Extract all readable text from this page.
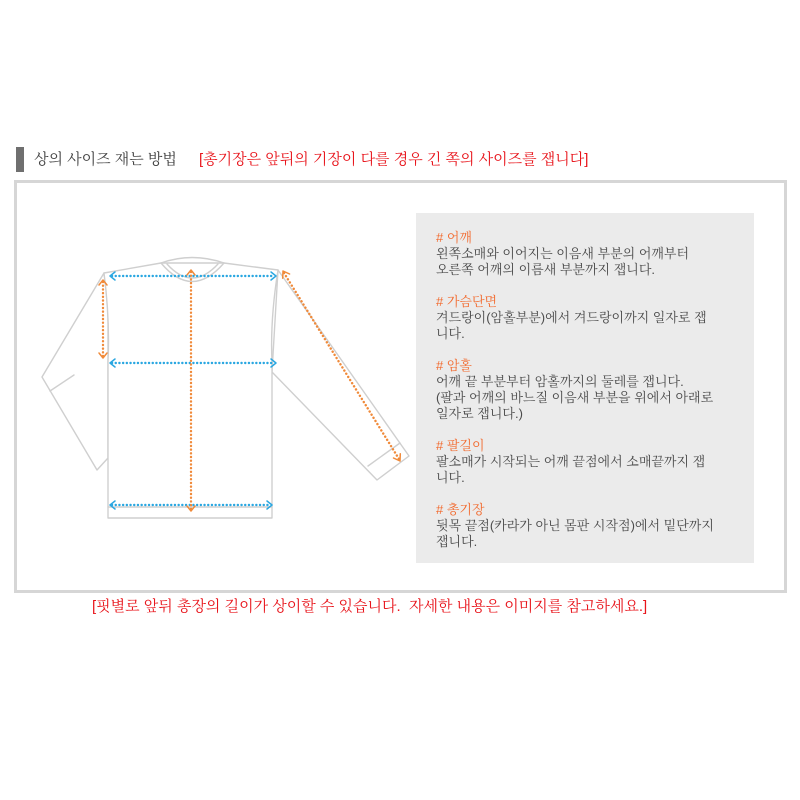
상의 사이즈 재는 방법 [총기장은 앞뒤의 기장이 다를 경우 긴 쪽의 사이즈를 잽니다]
# 어깨
왼쪽소매와 이어지는 이음새 부분의 어깨부터
오른쪽 어깨의 이름새 부분까지 잽니다.
# 가슴단면
겨드랑이(암홀부분)에서 겨드랑이까지 일자로 잽
니다.
# 암홀
어깨 끝 부분부터 암홀까지의 둘레를 잽니다.
(팔과 어깨의 바느질 이음새 부분을 위에서 아래로
일자로 잽니다.)
# 팔길이
팔소매가 시작되는 어깨 끝점에서 소매끝까지 잽
니다.
# 총기장
뒷목 끝점(카라가 아닌 몸판 시작점)에서 밑단까지
잽니다.
[핏별로 앞뒤 총장의 길이가 상이할 수 있습니다.  자세한 내용은 이미지를 참고하세요.]
